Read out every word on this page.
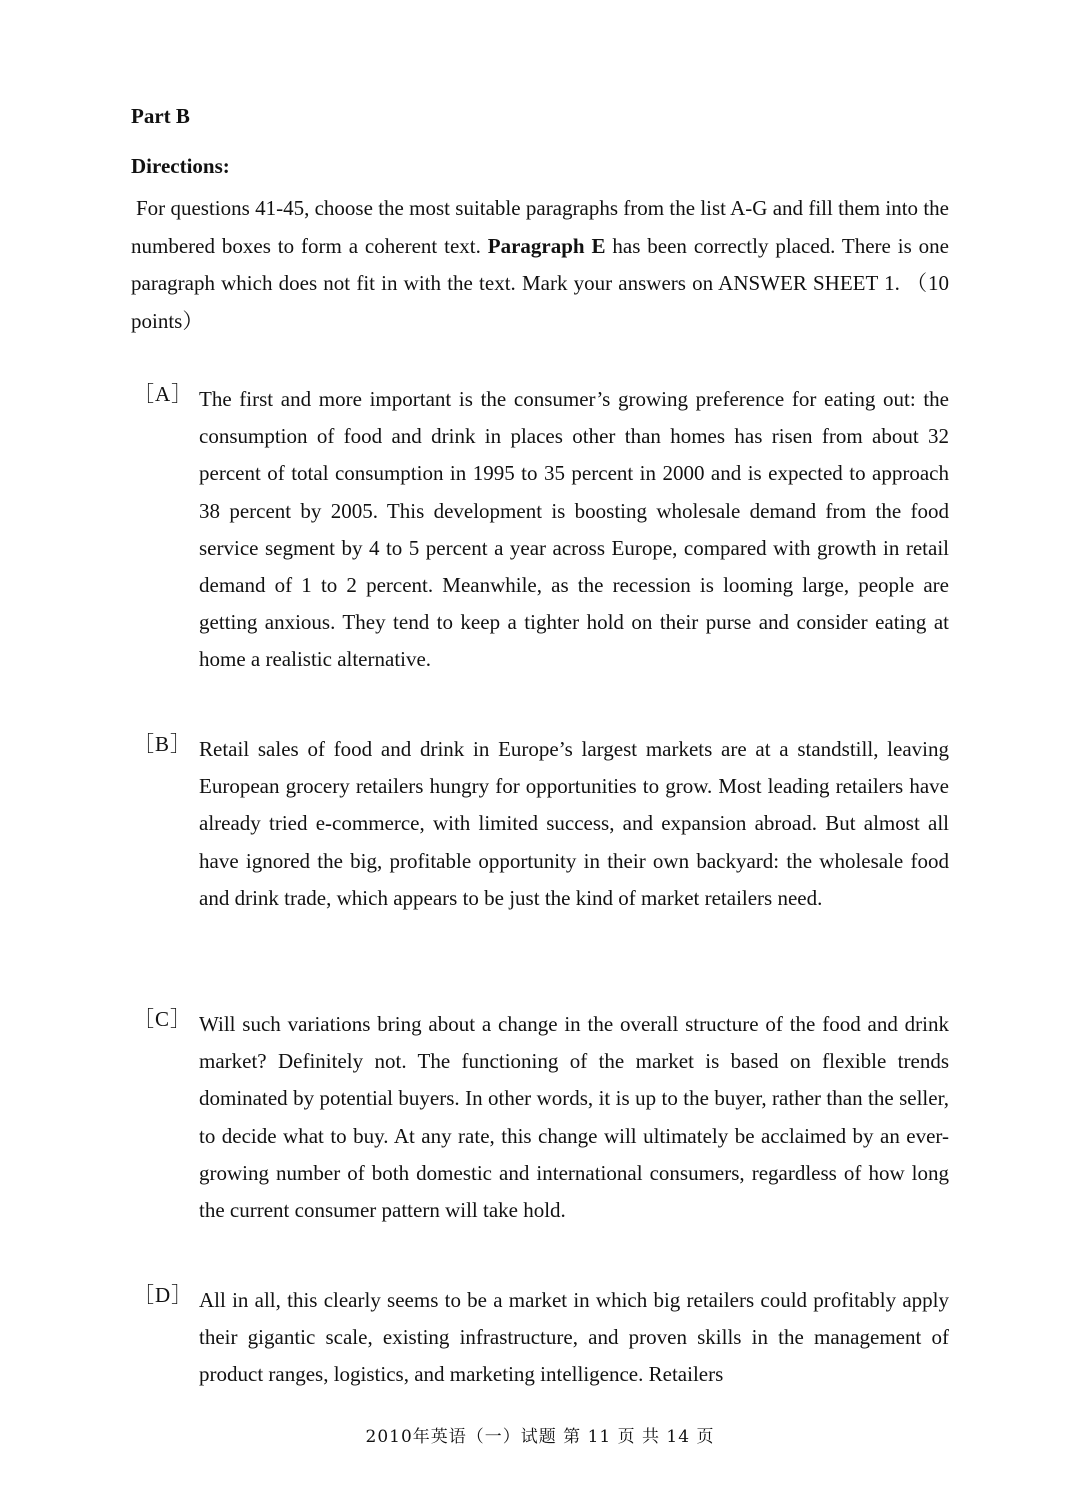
Part B
Directions:

For questions 41-45, choose the most suitable paragraphs from the list A-G and fill them into the numbered boxes to form a coherent text. Paragraph E has been correctly placed. There is one paragraph which does not fit in with the text. Mark your answers on ANSWER SHEET 1. （10 points）

［A］ The first and more important is the consumer’s growing preference for eating out: the consumption of food and drink in places other than homes has risen from about 32 percent of total consumption in 1995 to 35 percent in 2000 and is expected to approach 38 percent by 2005. This development is boosting wholesale demand from the food service segment by 4 to 5 percent a year across Europe, compared with growth in retail demand of 1 to 2 percent. Meanwhile, as the recession is looming large, people are getting anxious. They tend to keep a tighter hold on their purse and consider eating at home a realistic alternative.

［B］ Retail sales of food and drink in Europe’s largest markets are at a standstill, leaving European grocery retailers hungry for opportunities to grow. Most leading retailers have already tried e-commerce, with limited success, and expansion abroad. But almost all have ignored the big, profitable opportunity in their own backyard: the wholesale food and drink trade, which appears to be just the kind of market retailers need.

［C］ Will such variations bring about a change in the overall structure of the food and drink market? Definitely not. The functioning of the market is based on flexible trends dominated by potential buyers. In other words, it is up to the buyer, rather than the seller, to decide what to buy. At any rate, this change will ultimately be acclaimed by an ever-growing number of both domestic and international consumers, regardless of how long the current consumer pattern will take hold.

［D］ All in all, this clearly seems to be a market in which big retailers could profitably apply their gigantic scale, existing infrastructure, and proven skills in the management of product ranges, logistics, and marketing intelligence. Retailers

2010年英语（一）试题 第 11 页 共 14 页
